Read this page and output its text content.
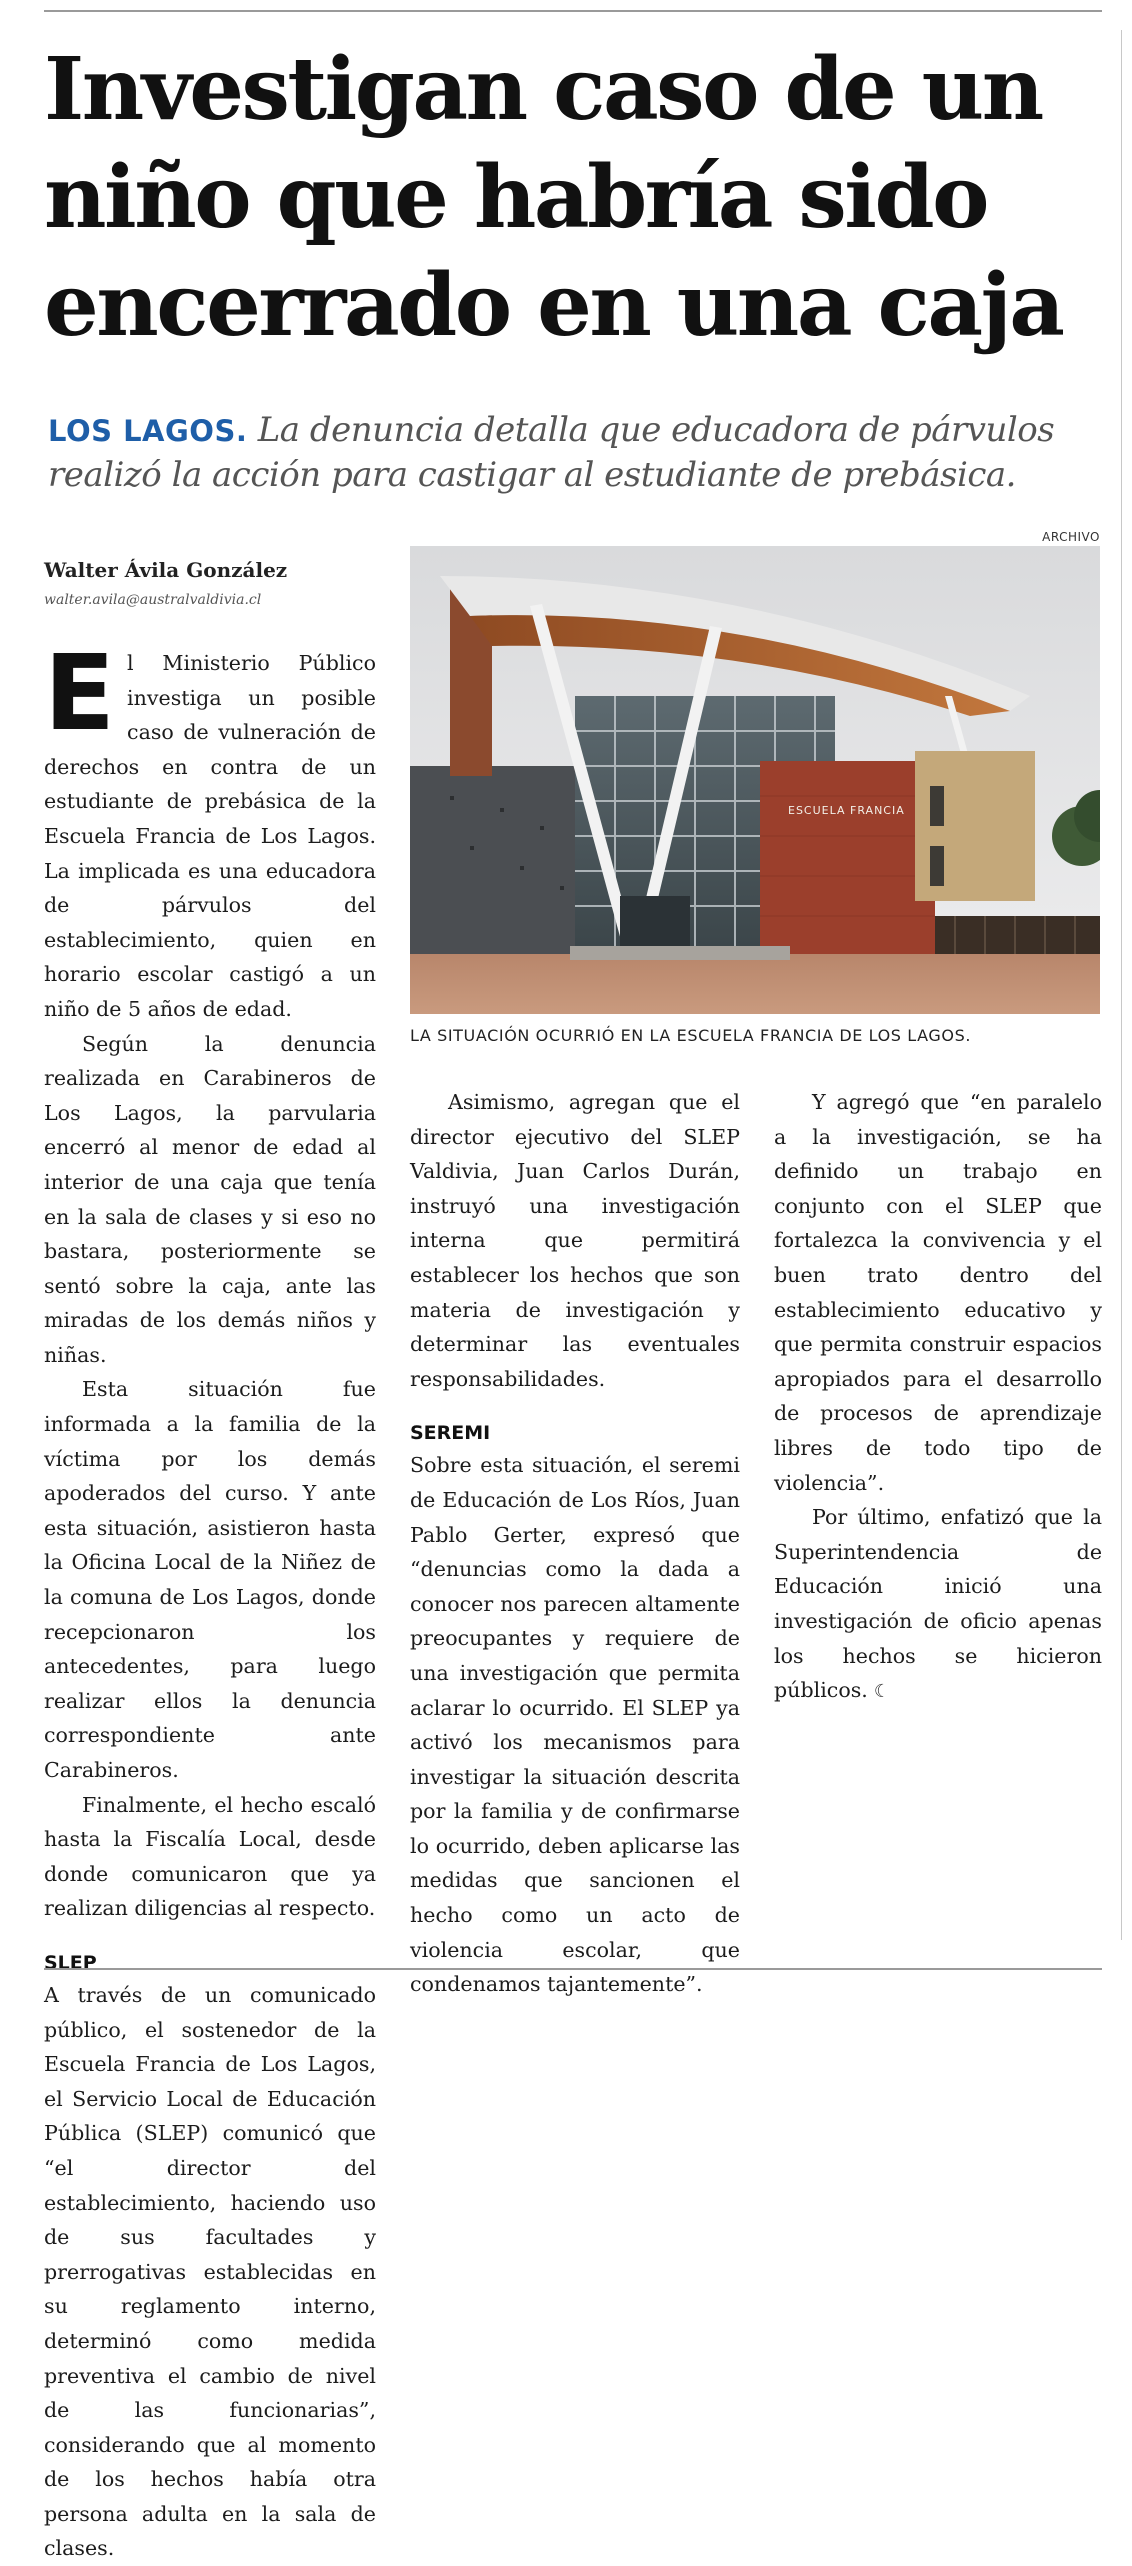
Investigan caso de un niño que habría sido encerrado en una caja
LOS LAGOS. La denuncia detalla que educadora de párvulos realizó la acción para castigar al estudiante de prebásica.
Walter Ávila González
walter.avila@australvaldivia.cl
ARCHIVO
ESCUELA FRANCIA
LA SITUACIÓN OCURRIÓ EN LA ESCUELA FRANCIA DE LOS LAGOS.

El Ministerio Público investiga un posible caso de vulneración de derechos en contra de un estudiante de prebásica de la Escuela Francia de Los Lagos. La implicada es una educadora de párvulos del establecimiento, quien en horario escolar castigó a un niño de 5 años de edad.

Según la denuncia realizada en Carabineros de Los Lagos, la parvularia encerró al menor de edad al interior de una caja que tenía en la sala de clases y si eso no bastara, posteriormente se sentó sobre la caja, ante las miradas de los demás niños y niñas.

Esta situación fue informada a la familia de la víctima por los demás apoderados del curso. Y ante esta situación, asistieron hasta la Oficina Local de la Niñez de la comuna de Los Lagos, donde recepcionaron los antecedentes, para luego realizar ellos la denuncia correspondiente ante Carabineros.

Finalmente, el hecho escaló hasta la Fiscalía Local, desde donde comunicaron que ya realizan diligencias al respecto.

SLEP

A través de un comunicado público, el sostenedor de la Escuela Francia de Los Lagos, el Servicio Local de Educación Pública (SLEP) comunicó que “el director del establecimiento, haciendo uso de sus facultades y prerrogativas establecidas en su reglamento interno, determinó como medida preventiva el cambio de nivel de las funcionarias”, considerando que al momento de los hechos había otra persona adulta en la sala de clases.

Asimismo, agregan que el director ejecutivo del SLEP Valdivia, Juan Carlos Durán, instruyó una investigación interna que permitirá establecer los hechos que son materia de investigación y determinar las eventuales responsabilidades.

SEREMI

Sobre esta situación, el seremi de Educación de Los Ríos, Juan Pablo Gerter, expresó que “denuncias como la dada a conocer nos parecen altamente preocupantes y requiere de una investigación que permita aclarar lo ocurrido. El SLEP ya activó los mecanismos para investigar la situación descrita por la familia y de confirmarse lo ocurrido, deben aplicarse las medidas que sancionen el hecho como un acto de violencia escolar, que condenamos tajantemente”.

Y agregó que “en paralelo a la investigación, se ha definido un trabajo en conjunto con el SLEP que fortalezca la convivencia y el buen trato dentro del establecimiento educativo y que permita construir espacios apropiados para el desarrollo de procesos de aprendizaje libres de todo tipo de violencia”.

Por último, enfatizó que la Superintendencia de Educación inició una investigación de oficio apenas los hechos se hicieron públicos. ☾
